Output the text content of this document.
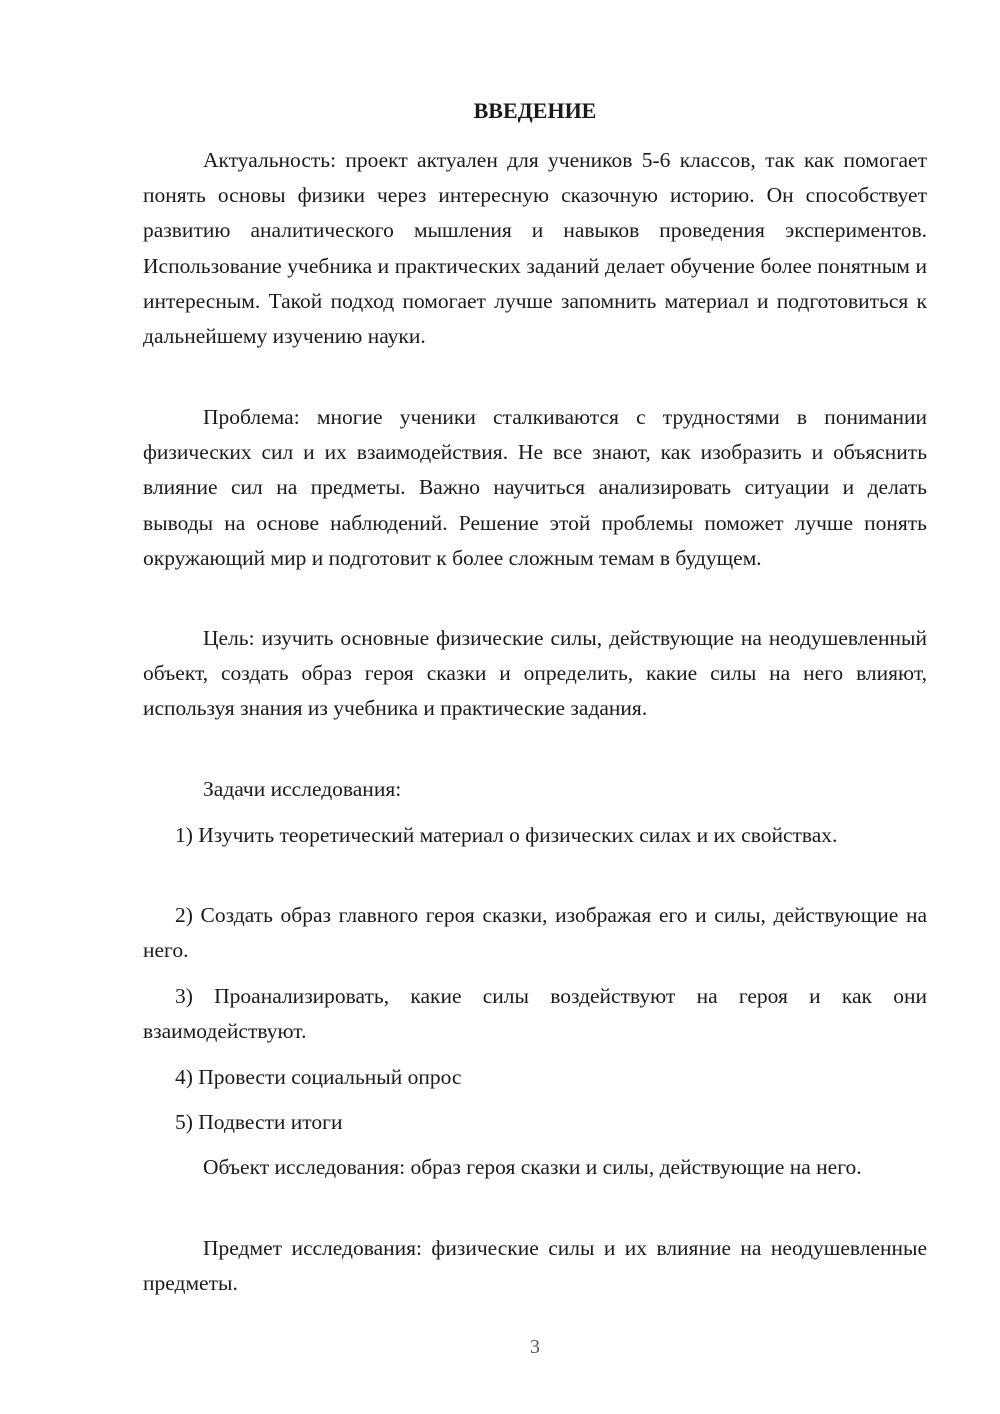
ВВЕДЕНИЕ
Актуальность: проект актуален для учеников 5-6 классов, так как помогает понять основы физики через интересную сказочную историю. Он способствует развитию аналитического мышления и навыков проведения экспериментов. Использование учебника и практических заданий делает обучение более понятным и интересным. Такой подход помогает лучше запомнить материал и подготовиться к дальнейшему изучению науки.
Проблема: многие ученики сталкиваются с трудностями в понимании физических сил и их взаимодействия. Не все знают, как изобразить и объяснить влияние сил на предметы. Важно научиться анализировать ситуации и делать выводы на основе наблюдений. Решение этой проблемы поможет лучше понять окружающий мир и подготовит к более сложным темам в будущем.
Цель: изучить основные физические силы, действующие на неодушевленный объект, создать образ героя сказки и определить, какие силы на него влияют, используя знания из учебника и практические задания.
Задачи исследования:
1) Изучить теоретический материал о физических силах и их свойствах.
2) Создать образ главного героя сказки, изображая его и силы, действующие на него.
3) Проанализировать, какие силы воздействуют на героя и как они взаимодействуют.
4) Провести социальный опрос
5) Подвести итоги
Объект исследования: образ героя сказки и силы, действующие на него.
Предмет исследования: физические силы и их влияние на неодушевленные предметы.
3
